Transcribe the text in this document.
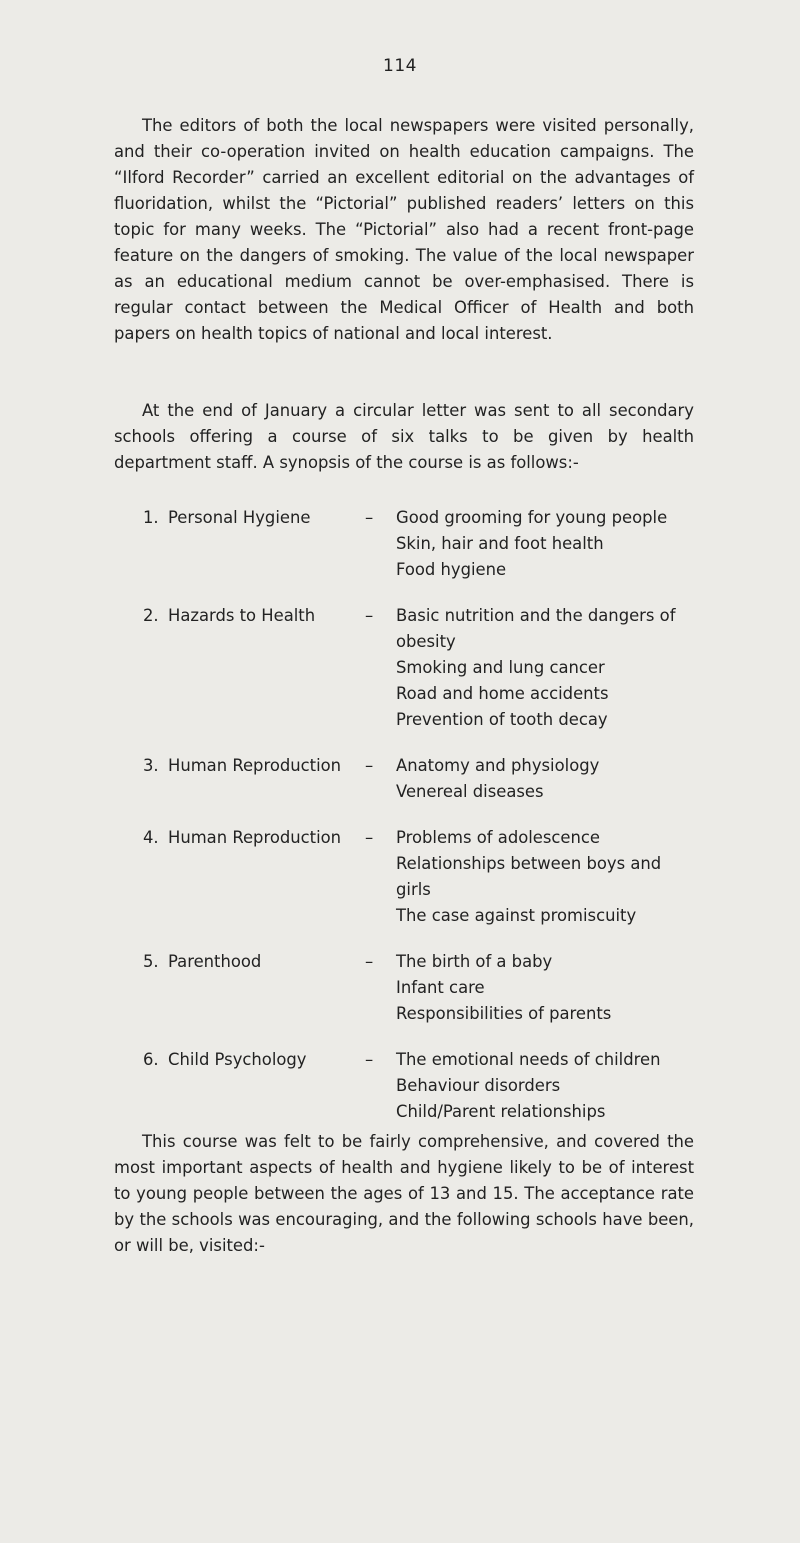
114

The editors of both the local newspapers were visited personally, and their co-operation invited on health education campaigns. The “Ilford Recorder” carried an excellent editorial on the advantages of fluoridation, whilst the “Pictorial” published readers’ letters on this topic for many weeks. The “Pictorial” also had a recent front-page feature on the dangers of smoking. The value of the local newspaper as an educational medium cannot be over-emphasised. There is regular contact between the Medical Officer of Health and both papers on health topics of national and local interest.

At the end of January a circular letter was sent to all secondary schools offering a course of six talks to be given by health department staff. A synopsis of the course is as follows:-

1. Personal Hygiene	– Good grooming for young people
Skin, hair and foot health
Food hygiene
2. Hazards to Health	– Basic nutrition and the dangers of obesity
Smoking and lung cancer
Road and home accidents
Prevention of tooth decay
3. Human Reproduction – Anatomy and physiology
Venereal diseases
4. Human Reproduction – Problems of adolescence
Relationships between boys and girls
The case against promiscuity
5. Parenthood	– The birth of a baby
Infant care
Responsibilities of parents
6. Child Psychology	– The emotional needs of children
Behaviour disorders
Child/Parent relationships

This course was felt to be fairly comprehensive, and covered the most important aspects of health and hygiene likely to be of interest to young people between the ages of 13 and 15. The acceptance rate by the schools was encouraging, and the following schools have been, or will be, visited:-
